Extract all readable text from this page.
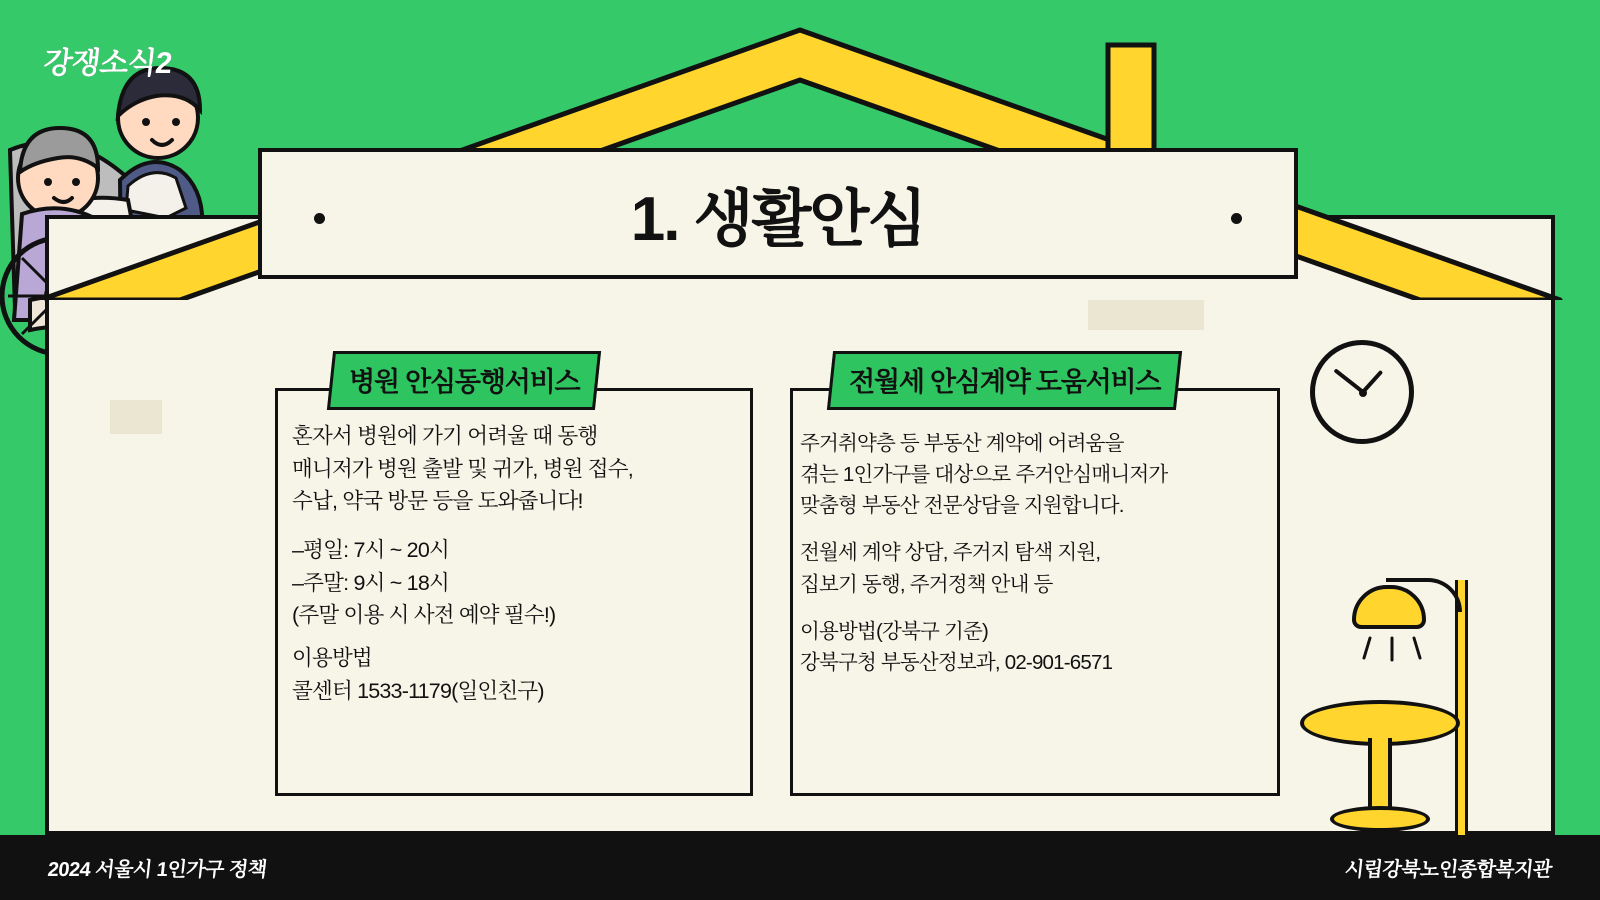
강쟁소식2
1. 생활안심
병원 안심동행서비스
혼자서 병원에 가기 어려울 때 동행
매니저가 병원 출발 및 귀가, 병원 접수,
수납, 약국 방문 등을 도와줍니다!
–평일: 7시 ~ 20시
–주말: 9시 ~ 18시
(주말 이용 시 사전 예약 필수!)
이용방법
콜센터 1533-1179(일인친구)
전월세 안심계약 도움서비스
주거취약층 등 부동산 계약에 어려움을
겪는 1인가구를 대상으로 주거안심매니저가
맞춤형 부동산 전문상담을 지원합니다.
전월세 계약 상담, 주거지 탐색 지원,
집보기 동행, 주거정책 안내 등
이용방법(강북구 기준)
강북구청 부동산정보과, 02-901-6571
2024 서울시 1인가구 정책	시립강북노인종합복지관
